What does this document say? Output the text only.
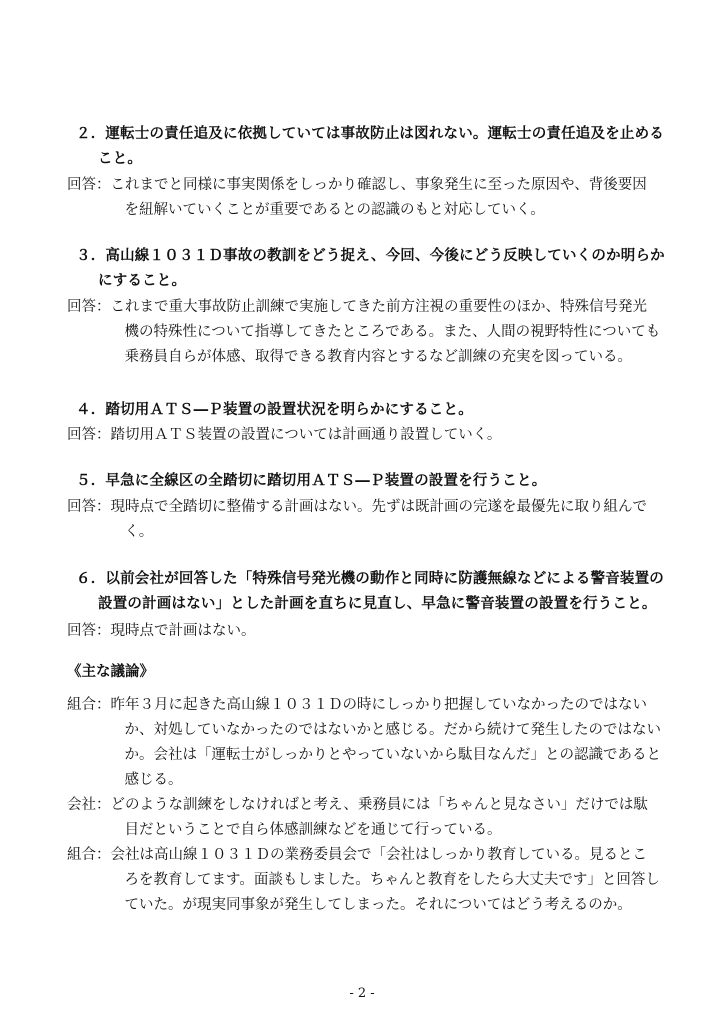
２．運転士の責任追及に依拠していては事故防止は図れない。運転士の責任追及を止める
こと。

回答： これまでと同様に事実関係をしっかり確認し、事象発生に至った原因や、背後要因
を紐解いていくことが重要であるとの認識のもと対応していく。

３．高山線１０３１Ｄ事故の教訓をどう捉え、今回、今後にどう反映していくのか明らか
にすること。

回答： これまで重大事故防止訓練で実施してきた前方注視の重要性のほか、特殊信号発光
機の特殊性について指導してきたところである。また、人間の視野特性についても
乗務員自らが体感、取得できる教育内容とするなど訓練の充実を図っている。

４．踏切用ＡＴＳ―Ｐ装置の設置状況を明らかにすること。

回答： 踏切用ＡＴＳ装置の設置については計画通り設置していく。

５．早急に全線区の全踏切に踏切用ＡＴＳ―Ｐ装置の設置を行うこと。

回答： 現時点で全踏切に整備する計画はない。先ずは既計画の完遂を最優先に取り組んで
く。

６．以前会社が回答した「特殊信号発光機の動作と同時に防護無線などによる警音装置の
設置の計画はない」とした計画を直ちに見直し、早急に警音装置の設置を行うこと。

回答： 現時点で計画はない。

《主な議論》

組合： 昨年３月に起きた高山線１０３１Ｄの時にしっかり把握していなかったのではない
か、対処していなかったのではないかと感じる。だから続けて発生したのではない
か。会社は「運転士がしっかりとやっていないから駄目なんだ」との認識であると
感じる。
会社： どのような訓練をしなければと考え、乗務員には「ちゃんと見なさい」だけでは駄
目だということで自ら体感訓練などを通じて行っている。
組合： 会社は高山線１０３１Ｄの業務委員会で「会社はしっかり教育している。見るとこ
ろを教育してます。面談もしました。ちゃんと教育をしたら大丈夫です」と回答し
ていた。が現実同事象が発生してしまった。それについてはどう考えるのか。
- 2 -
